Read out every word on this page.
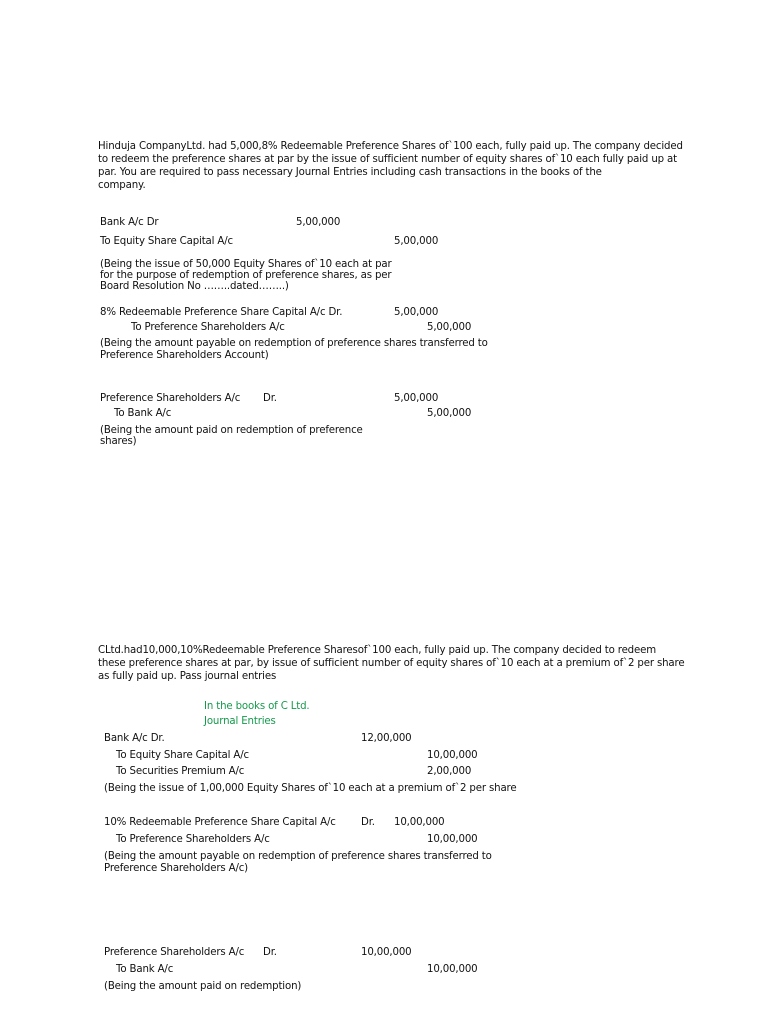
Hinduja CompanyLtd. had 5,000,8% Redeemable Preference Shares of`100 each, fully paid up. The company decided
to redeem the preference shares at par by the issue of sufficient number of equity shares of`10 each fully paid up at
par. You are required to pass necessary Journal Entries including cash transactions in the books of the
company.
Bank A/c Dr	5,00,000
To Equity Share Capital A/c	5,00,000
(Being the issue of 50,000 Equity Shares of`10 each at par
for the purpose of redemption of preference shares, as per
Board Resolution No ……..dated……..)
8% Redeemable Preference Share Capital A/c Dr.	5,00,000
To Preference Shareholders A/c	5,00,000
(Being the amount payable on redemption of preference shares transferred to
Preference Shareholders Account)
Preference Shareholders A/c Dr.	5,00,000
To Bank A/c	5,00,000
(Being the amount paid on redemption of preference
shares)
CLtd.had10,000,10%Redeemable Preference Sharesof`100 each, fully paid up. The company decided to redeem
these preference shares at par, by issue of sufficient number of equity shares of`10 each at a premium of`2 per share
as fully paid up. Pass journal entries
In the books of C Ltd.
Journal Entries
Bank A/c Dr.	12,00,000
To Equity Share Capital A/c	10,00,000
To Securities Premium A/c	2,00,000
(Being the issue of 1,00,000 Equity Shares of`10 each at a premium of`2 per share
10% Redeemable Preference Share Capital A/c Dr. 10,00,000
To Preference Shareholders A/c	10,00,000
(Being the amount payable on redemption of preference shares transferred to
Preference Shareholders A/c)
Preference Shareholders A/c Dr.	10,00,000
To Bank A/c	10,00,000
(Being the amount paid on redemption)
